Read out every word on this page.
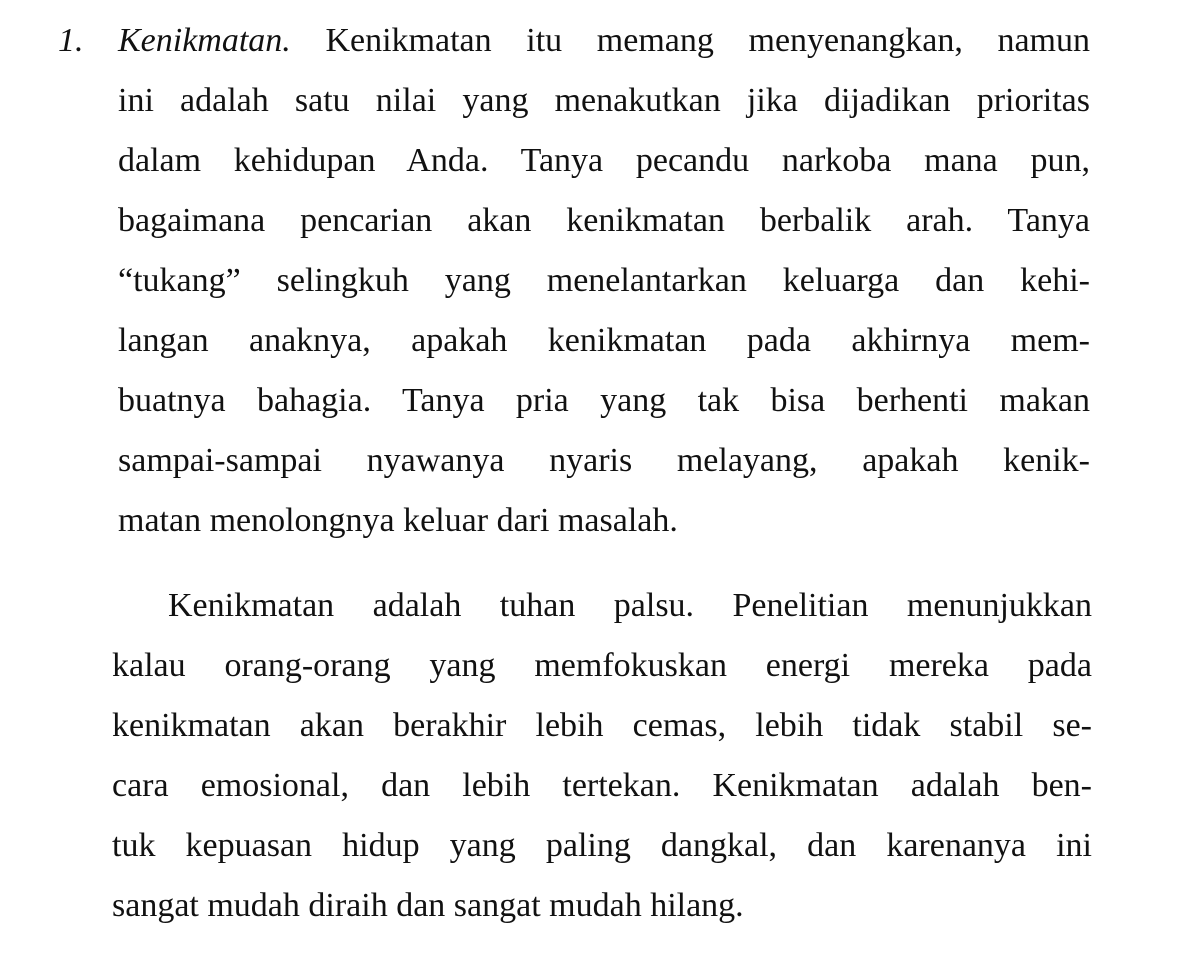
1. Kenikmatan. Kenikmatan itu memang menyenangkan, namun
ini adalah satu nilai yang menakutkan jika dijadikan prioritas
dalam kehidupan Anda. Tanya pecandu narkoba mana pun,
bagaimana pencarian akan kenikmatan berbalik arah. Tanya
“tukang” selingkuh yang menelantarkan keluarga dan kehi-
langan anaknya, apakah kenikmatan pada akhirnya mem-
buatnya bahagia. Tanya pria yang tak bisa berhenti makan
sampai-sampai nyawanya nyaris melayang, apakah kenik-
matan menolongnya keluar dari masalah.
Kenikmatan adalah tuhan palsu. Penelitian menunjukkan
kalau orang-orang yang memfokuskan energi mereka pada
kenikmatan akan berakhir lebih cemas, lebih tidak stabil se-
cara emosional, dan lebih tertekan. Kenikmatan adalah ben-
tuk kepuasan hidup yang paling dangkal, dan karenanya ini
sangat mudah diraih dan sangat mudah hilang.
